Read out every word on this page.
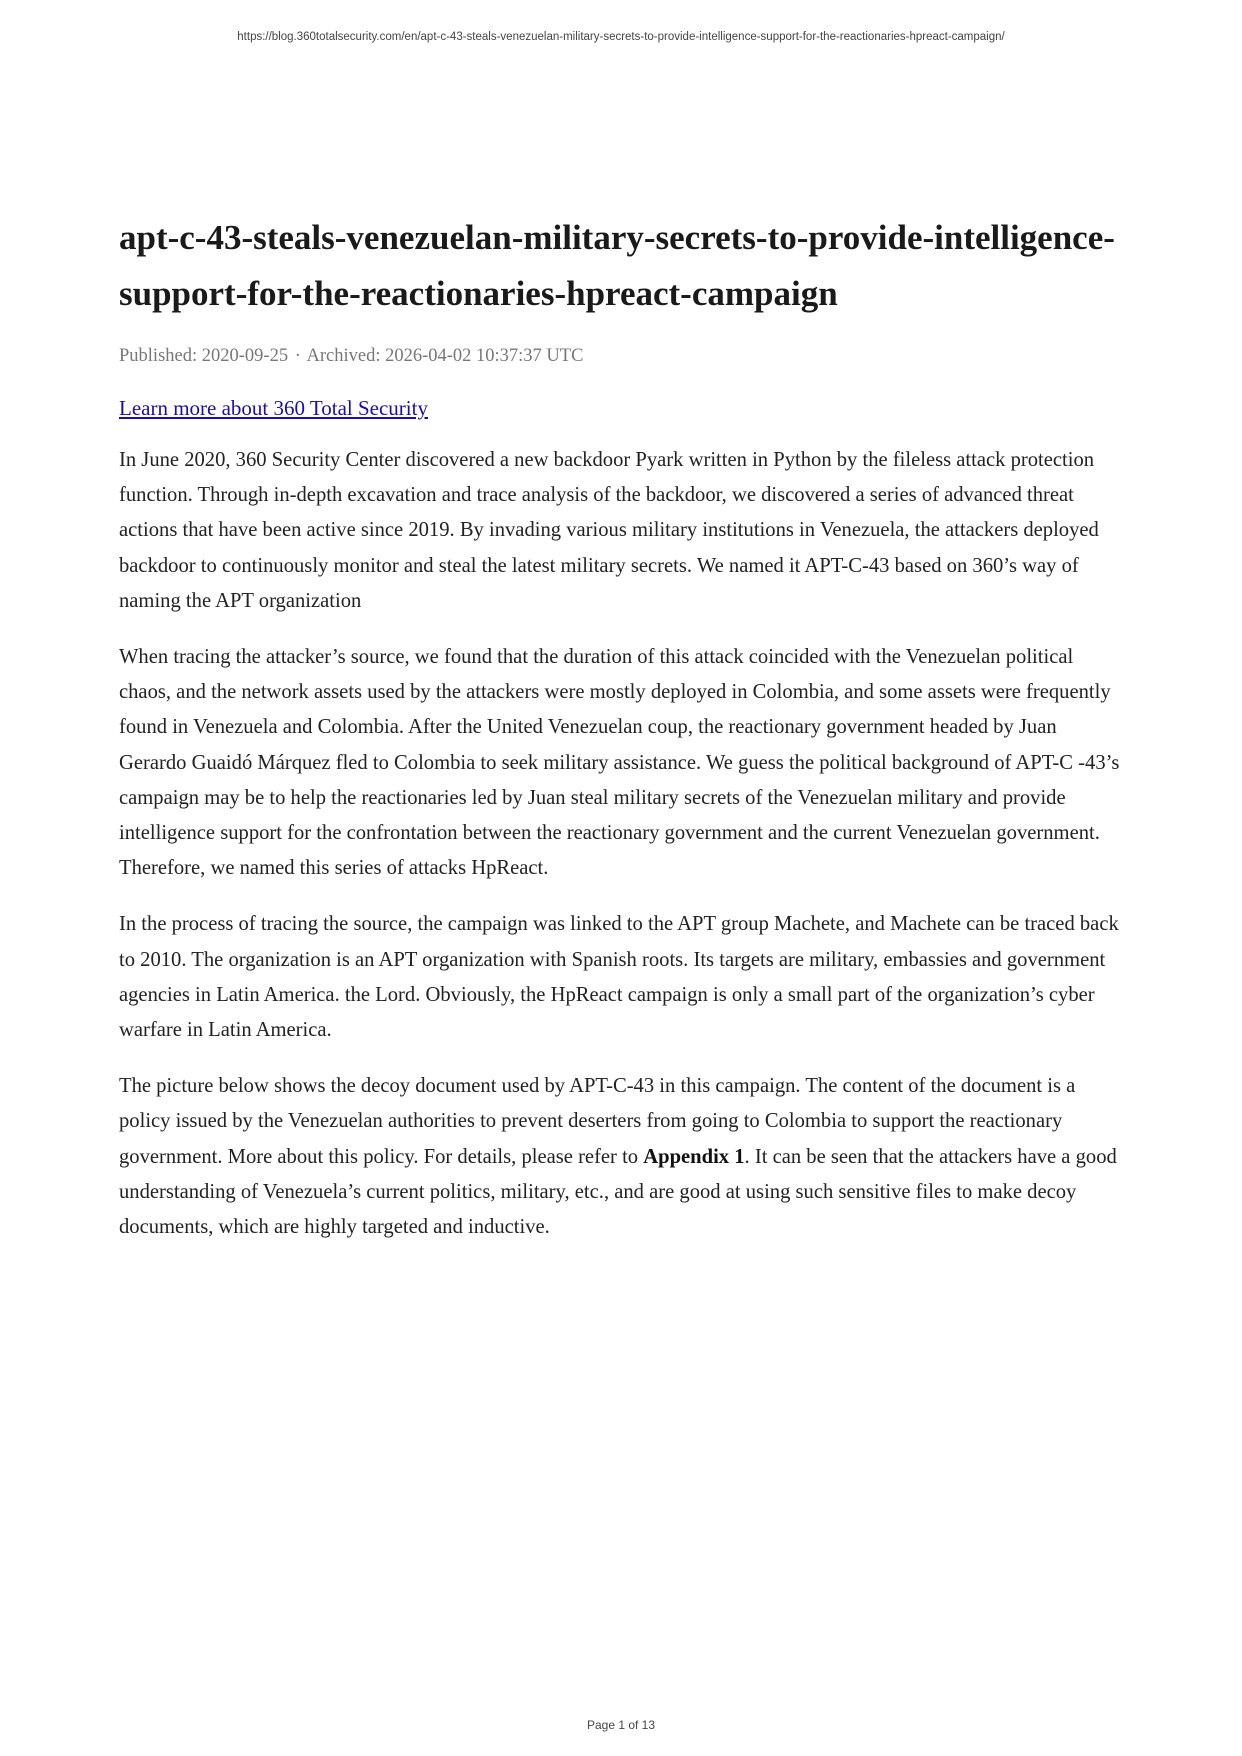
https://blog.360totalsecurity.com/en/apt-c-43-steals-venezuelan-military-secrets-to-provide-intelligence-support-for-the-reactionaries-hpreact-campaign/
apt-c-43-steals-venezuelan-military-secrets-to-provide-intelligence-support-for-the-reactionaries-hpreact-campaign
Published: 2020-09-25 · Archived: 2026-04-02 10:37:37 UTC
Learn more about 360 Total Security

In June 2020, 360 Security Center discovered a new backdoor Pyark written in Python by the fileless attack protection function. Through in-depth excavation and trace analysis of the backdoor, we discovered a series of advanced threat actions that have been active since 2019. By invading various military institutions in Venezuela, the attackers deployed backdoor to continuously monitor and steal the latest military secrets. We named it APT-C-43 based on 360’s way of naming the APT organization

When tracing the attacker’s source, we found that the duration of this attack coincided with the Venezuelan political chaos, and the network assets used by the attackers were mostly deployed in Colombia, and some assets were frequently found in Venezuela and Colombia. After the United Venezuelan coup, the reactionary government headed by Juan Gerardo Guaidó Márquez fled to Colombia to seek military assistance. We guess the political background of APT-C -43’s campaign may be to help the reactionaries led by Juan steal military secrets of the Venezuelan military and provide intelligence support for the confrontation between the reactionary government and the current Venezuelan government. Therefore, we named this series of attacks HpReact.

In the process of tracing the source, the campaign was linked to the APT group Machete, and Machete can be traced back to 2010. The organization is an APT organization with Spanish roots. Its targets are military, embassies and government agencies in Latin America. the Lord. Obviously, the HpReact campaign is only a small part of the organization’s cyber warfare in Latin America.

The picture below shows the decoy document used by APT-C-43 in this campaign. The content of the document is a policy issued by the Venezuelan authorities to prevent deserters from going to Colombia to support the reactionary government. More about this policy. For details, please refer to Appendix 1. It can be seen that the attackers have a good understanding of Venezuela’s current politics, military, etc., and are good at using such sensitive files to make decoy documents, which are highly targeted and inductive.

Page 1 of 13
